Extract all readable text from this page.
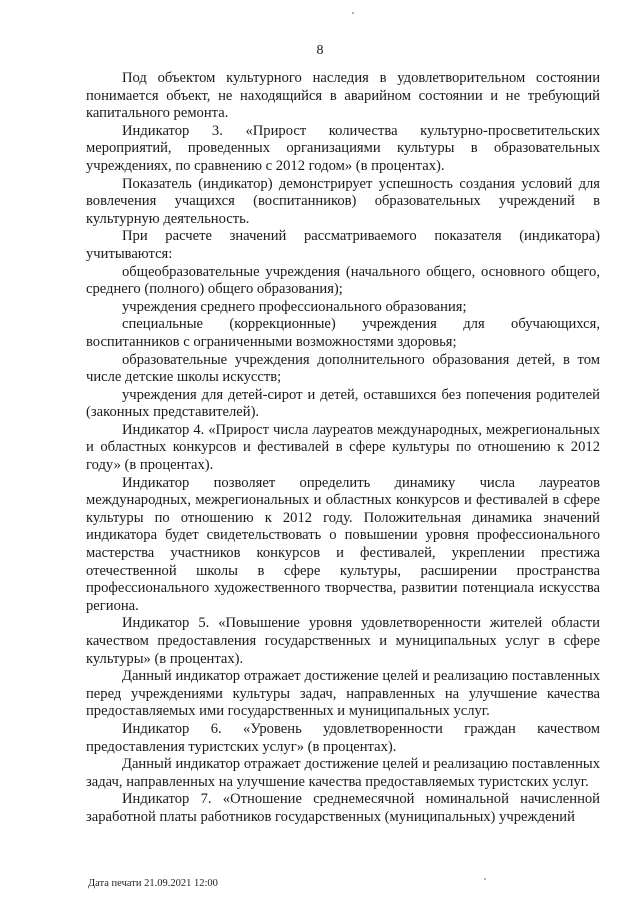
8

Под объектом культурного наследия в удовлетворительном состоянии понимается объект, не находящийся в аварийном состоянии и не требующий капитального ремонта.

Индикатор 3. «Прирост количества культурно-просветительских мероприятий, проведенных организациями культуры в образовательных учреждениях, по сравнению с 2012 годом» (в процентах).

Показатель (индикатор) демонстрирует успешность создания условий для вовлечения учащихся (воспитанников) образовательных учреждений в культурную деятельность.

При расчете значений рассматриваемого показателя (индикатора) учитываются:

общеобразовательные учреждения (начального общего, основного общего, среднего (полного) общего образования);

учреждения среднего профессионального образования;

специальные (коррекционные) учреждения для обучающихся, воспитанников с ограниченными возможностями здоровья;

образовательные учреждения дополнительного образования детей, в том числе детские школы искусств;

учреждения для детей-сирот и детей, оставшихся без попечения родителей (законных представителей).

Индикатор 4. «Прирост числа лауреатов международных, межрегиональных и областных конкурсов и фестивалей в сфере культуры по отношению к 2012 году» (в процентах).

Индикатор позволяет определить динамику числа лауреатов международных, межрегиональных и областных конкурсов и фестивалей в сфере культуры по отношению к 2012 году. Положительная динамика значений индикатора будет свидетельствовать о повышении уровня профессионального мастерства участников конкурсов и фестивалей, укреплении престижа отечественной школы в сфере культуры, расширении пространства профессионального художественного творчества, развитии потенциала искусства региона.

Индикатор 5. «Повышение уровня удовлетворенности жителей области качеством предоставления государственных и муниципальных услуг в сфере культуры» (в процентах).

Данный индикатор отражает достижение целей и реализацию поставленных перед учреждениями культуры задач, направленных на улучшение качества предоставляемых ими государственных и муниципальных услуг.

Индикатор 6. «Уровень удовлетворенности граждан качеством предоставления туристских услуг» (в процентах).

Данный индикатор отражает достижение целей и реализацию поставленных задач, направленных на улучшение качества предоставляемых туристских услуг.

Индикатор 7. «Отношение среднемесячной номинальной начисленной заработной платы работников государственных (муниципальных) учреждений

Дата печати 21.09.2021 12:00
